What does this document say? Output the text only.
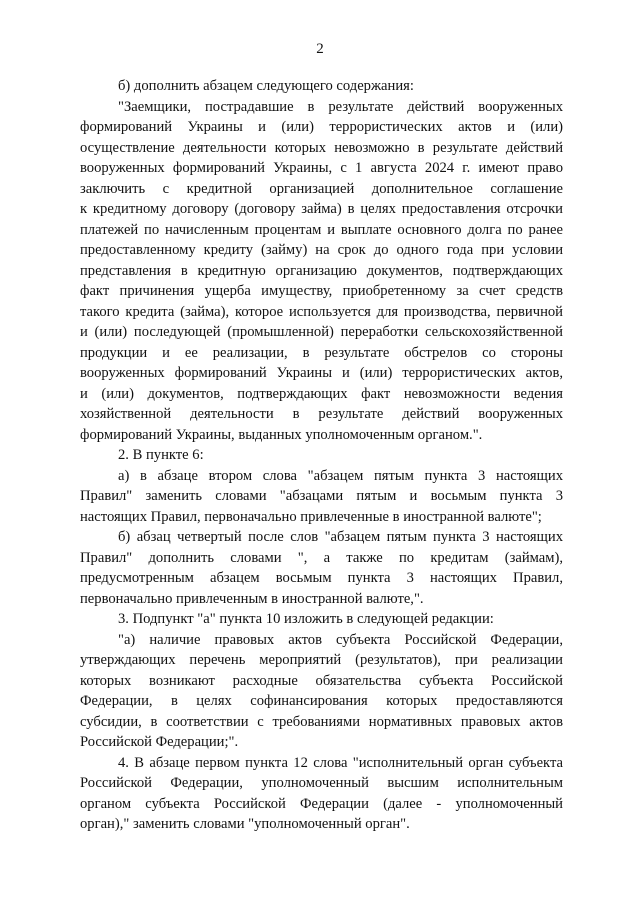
2
б) дополнить абзацем следующего содержания:
"Заемщики, пострадавшие в результате действий вооруженных
формирований Украины и (или) террористических актов и (или)
осуществление деятельности которых невозможно в результате действий
вооруженных формирований Украины, с 1 августа 2024 г. имеют право
заключить с кредитной организацией дополнительное соглашение
к кредитному договору (договору займа) в целях предоставления отсрочки
платежей по начисленным процентам и выплате основного долга по ранее
предоставленному кредиту (займу) на срок до одного года при условии
представления в кредитную организацию документов, подтверждающих
факт причинения ущерба имуществу, приобретенному за счет средств
такого кредита (займа), которое используется для производства, первичной
и (или) последующей (промышленной) переработки сельскохозяйственной
продукции и ее реализации, в результате обстрелов со стороны
вооруженных формирований Украины и (или) террористических актов,
и (или) документов, подтверждающих факт невозможности ведения
хозяйственной деятельности в результате действий вооруженных
формирований Украины, выданных уполномоченным органом.".
2. В пункте 6:
а) в абзаце втором слова "абзацем пятым пункта 3 настоящих
Правил" заменить словами "абзацами пятым и восьмым пункта 3
настоящих Правил, первоначально привлеченные в иностранной валюте";
б) абзац четвертый после слов "абзацем пятым пункта 3 настоящих
Правил" дополнить словами ", а также по кредитам (займам),
предусмотренным абзацем восьмым пункта 3 настоящих Правил,
первоначально привлеченным в иностранной валюте,".
3. Подпункт "а" пункта 10 изложить в следующей редакции:
"а) наличие правовых актов субъекта Российской Федерации,
утверждающих перечень мероприятий (результатов), при реализации
которых возникают расходные обязательства субъекта Российской
Федерации, в целях софинансирования которых предоставляются
субсидии, в соответствии с требованиями нормативных правовых актов
Российской Федерации;".
4. В абзаце первом пункта 12 слова "исполнительный орган субъекта
Российской Федерации, уполномоченный высшим исполнительным
органом субъекта Российской Федерации (далее - уполномоченный
орган)," заменить словами "уполномоченный орган".
